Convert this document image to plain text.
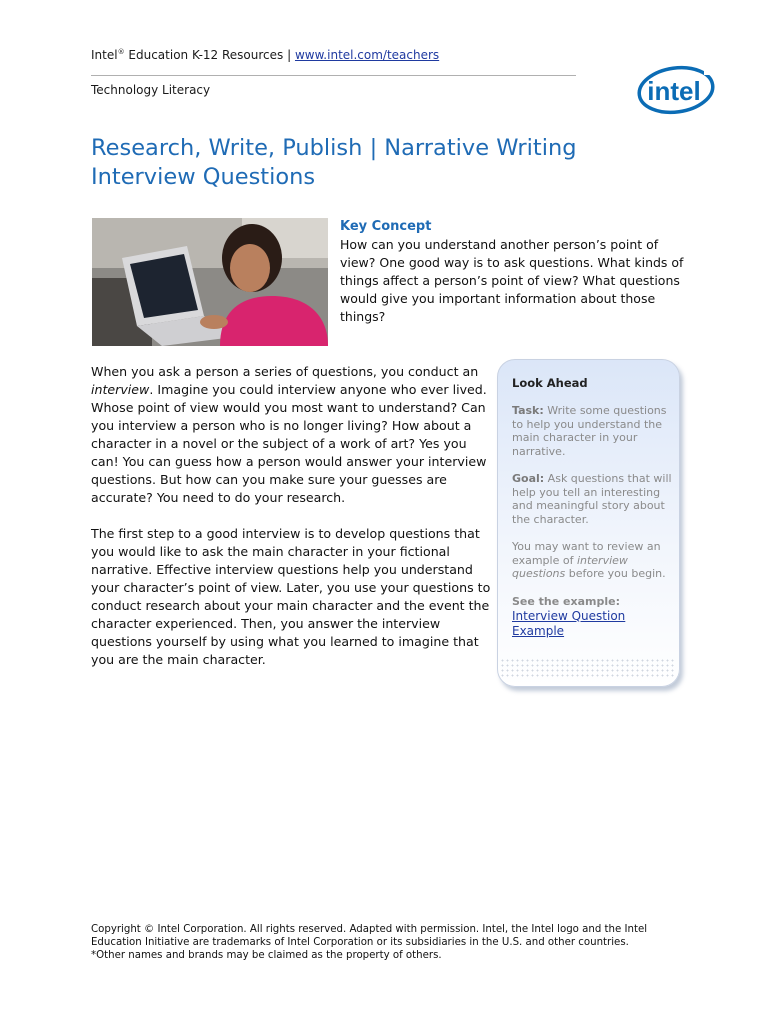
Intel® Education K-12 Resources | www.intel.com/teachers
Technology Literacy	intel
Research, Write, Publish | Narrative Writing
Interview Questions
Key Concept
How can you understand another person’s point of view? One good way is to ask questions. What kinds of things affect a person’s point of view? What questions would give you important information about those things?

When you ask a person a series of questions, you conduct an interview. Imagine you could interview anyone who ever lived. Whose point of view would you most want to understand? Can you interview a person who is no longer living? How about a character in a novel or the subject of a work of art? Yes you can! You can guess how a person would answer your interview questions. But how can you make sure your guesses are accurate? You need to do your research.

The first step to a good interview is to develop questions that you would like to ask the main character in your fictional narrative. Effective interview questions help you understand your character’s point of view. Later, you use your questions to conduct research about your main character and the event the character experienced. Then, you answer the interview questions yourself by using what you learned to imagine that you are the main character.

Look Ahead

Task: Write some questions to help you understand the main character in your narrative.

Goal: Ask questions that will help you tell an interesting and meaningful story about the character.

You may want to review an example of interview questions before you begin.

See the example:
Interview Question Example
Copyright © Intel Corporation. All rights reserved. Adapted with permission. Intel, the Intel logo and the Intel Education Initiative are trademarks of Intel Corporation or its subsidiaries in the U.S. and other countries.
*Other names and brands may be claimed as the property of others.
